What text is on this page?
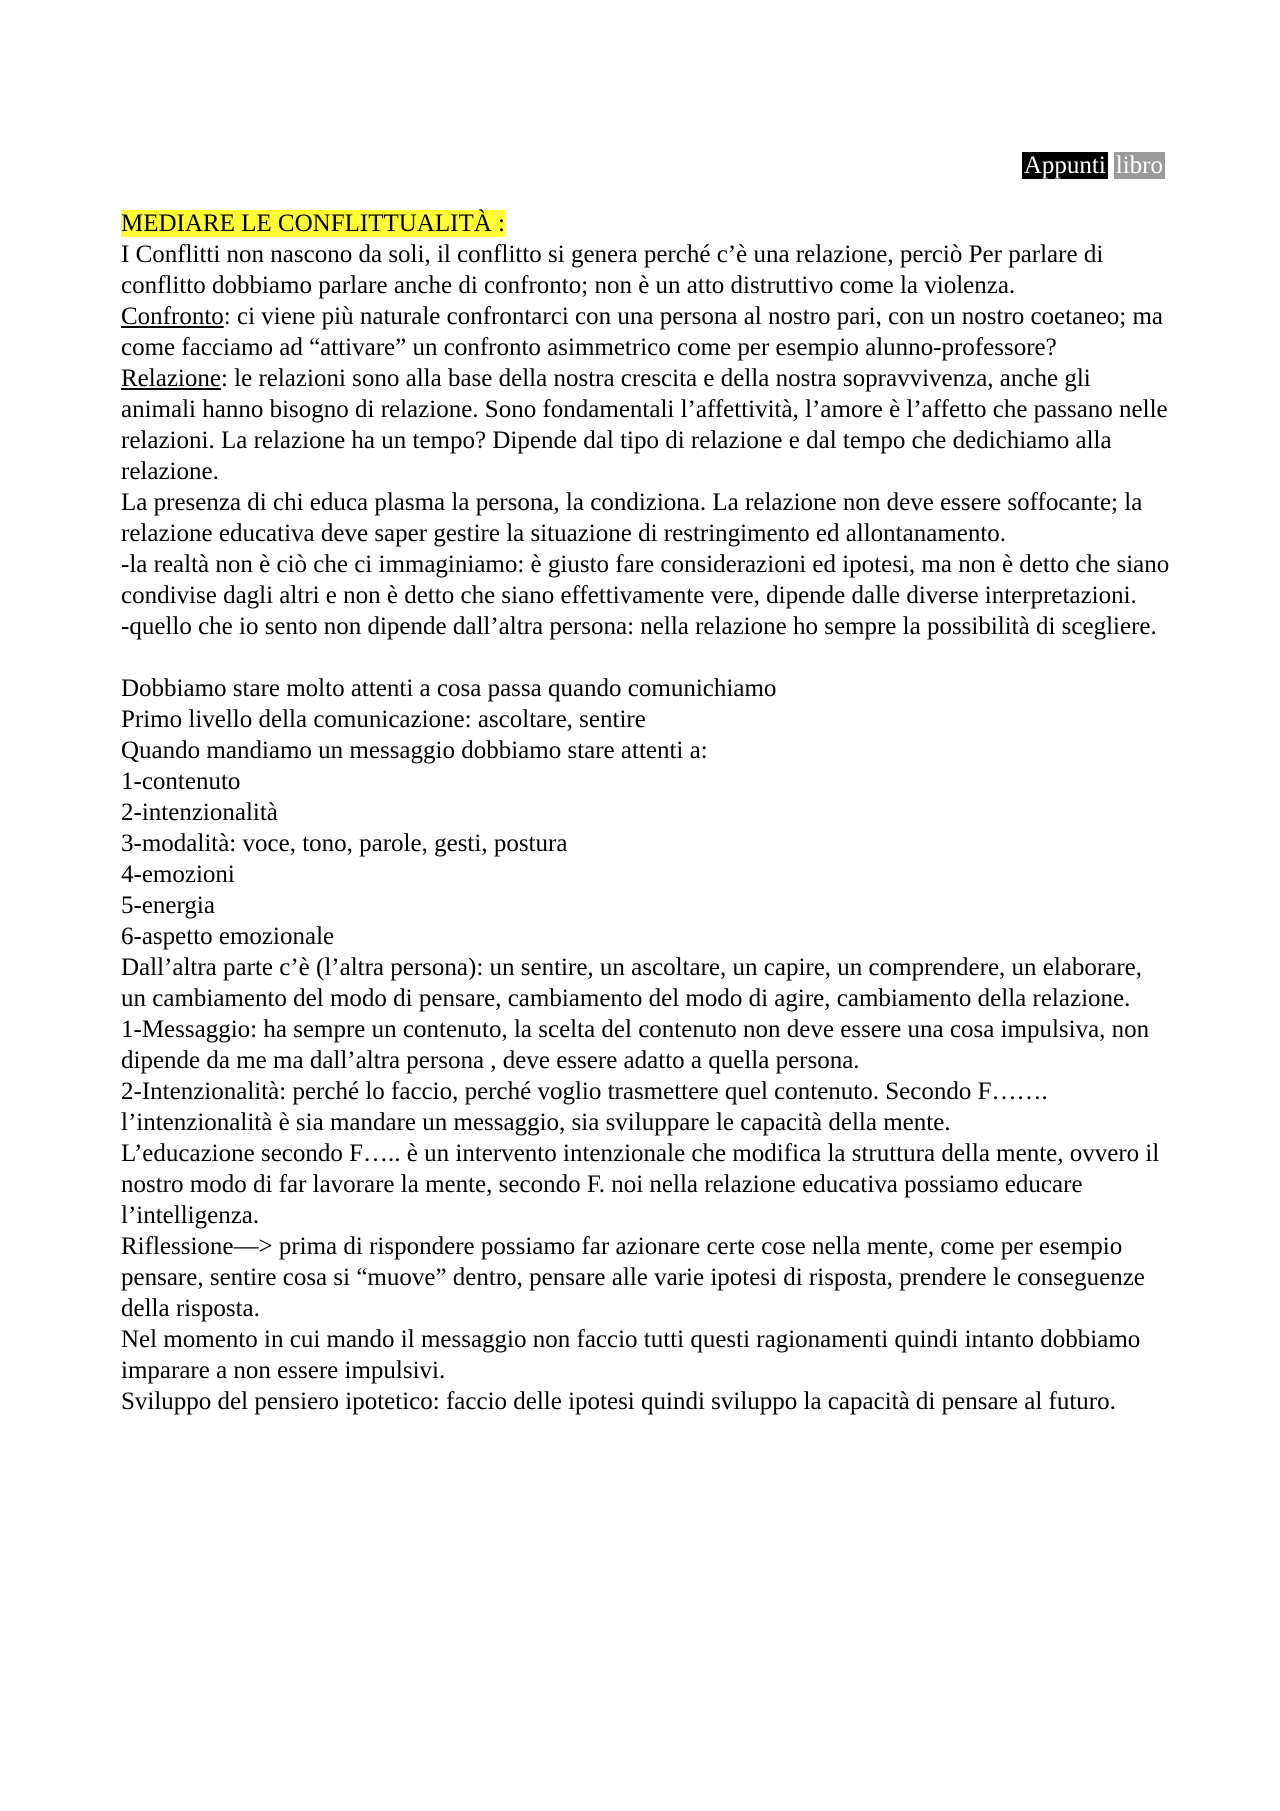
Appunti libro

MEDIARE LE CONFLITTUALITÀ :

I Conflitti non nascono da soli, il conflitto si genera perché c’è una relazione, perciò Per parlare di conflitto dobbiamo parlare anche di confronto; non è un atto distruttivo come la violenza.

Confronto: ci viene più naturale confrontarci con una persona al nostro pari, con un nostro coetaneo; ma come facciamo ad “attivare” un confronto asimmetrico come per esempio alunno-professore?

Relazione: le relazioni sono alla base della nostra crescita e della nostra sopravvivenza, anche gli animali hanno bisogno di relazione. Sono fondamentali l’affettività, l’amore è l’affetto che passano nelle relazioni. La relazione ha un tempo? Dipende dal tipo di relazione e dal tempo che dedichiamo alla relazione.

La presenza di chi educa plasma la persona, la condiziona. La relazione non deve essere soffocante; la relazione educativa deve saper gestire la situazione di restringimento ed allontanamento.

-la realtà non è ciò che ci immaginiamo: è giusto fare considerazioni ed ipotesi, ma non è detto che siano condivise dagli altri e non è detto che siano effettivamente vere, dipende dalle diverse interpretazioni.

-quello che io sento non dipende dall’altra persona: nella relazione ho sempre la possibilità di scegliere.

Dobbiamo stare molto attenti a cosa passa quando comunichiamo

Primo livello della comunicazione: ascoltare, sentire

Quando mandiamo un messaggio dobbiamo stare attenti a:

1-contenuto

2-intenzionalità

3-modalità: voce, tono, parole, gesti, postura

4-emozioni

5-energia

6-aspetto emozionale

Dall’altra parte c’è (l’altra persona): un sentire, un ascoltare, un capire, un comprendere, un elaborare, un cambiamento del modo di pensare, cambiamento del modo di agire, cambiamento della relazione.

1-Messaggio: ha sempre un contenuto, la scelta del contenuto non deve essere una cosa impulsiva, non dipende da me ma dall’altra persona , deve essere adatto a quella persona.

2-Intenzionalità: perché lo faccio, perché voglio trasmettere quel contenuto. Secondo F……. l’intenzionalità è sia mandare un messaggio, sia sviluppare le capacità della mente.

L’educazione secondo F….. è un intervento intenzionale che modifica la struttura della mente, ovvero il nostro modo di far lavorare la mente, secondo F. noi nella relazione educativa possiamo educare l’intelligenza.

Riflessione—> prima di rispondere possiamo far azionare certe cose nella mente, come per esempio pensare, sentire cosa si “muove” dentro, pensare alle varie ipotesi di risposta, prendere le conseguenze della risposta.

Nel momento in cui mando il messaggio non faccio tutti questi ragionamenti quindi intanto dobbiamo imparare a non essere impulsivi.

Sviluppo del pensiero ipotetico: faccio delle ipotesi quindi sviluppo la capacità di pensare al futuro.
